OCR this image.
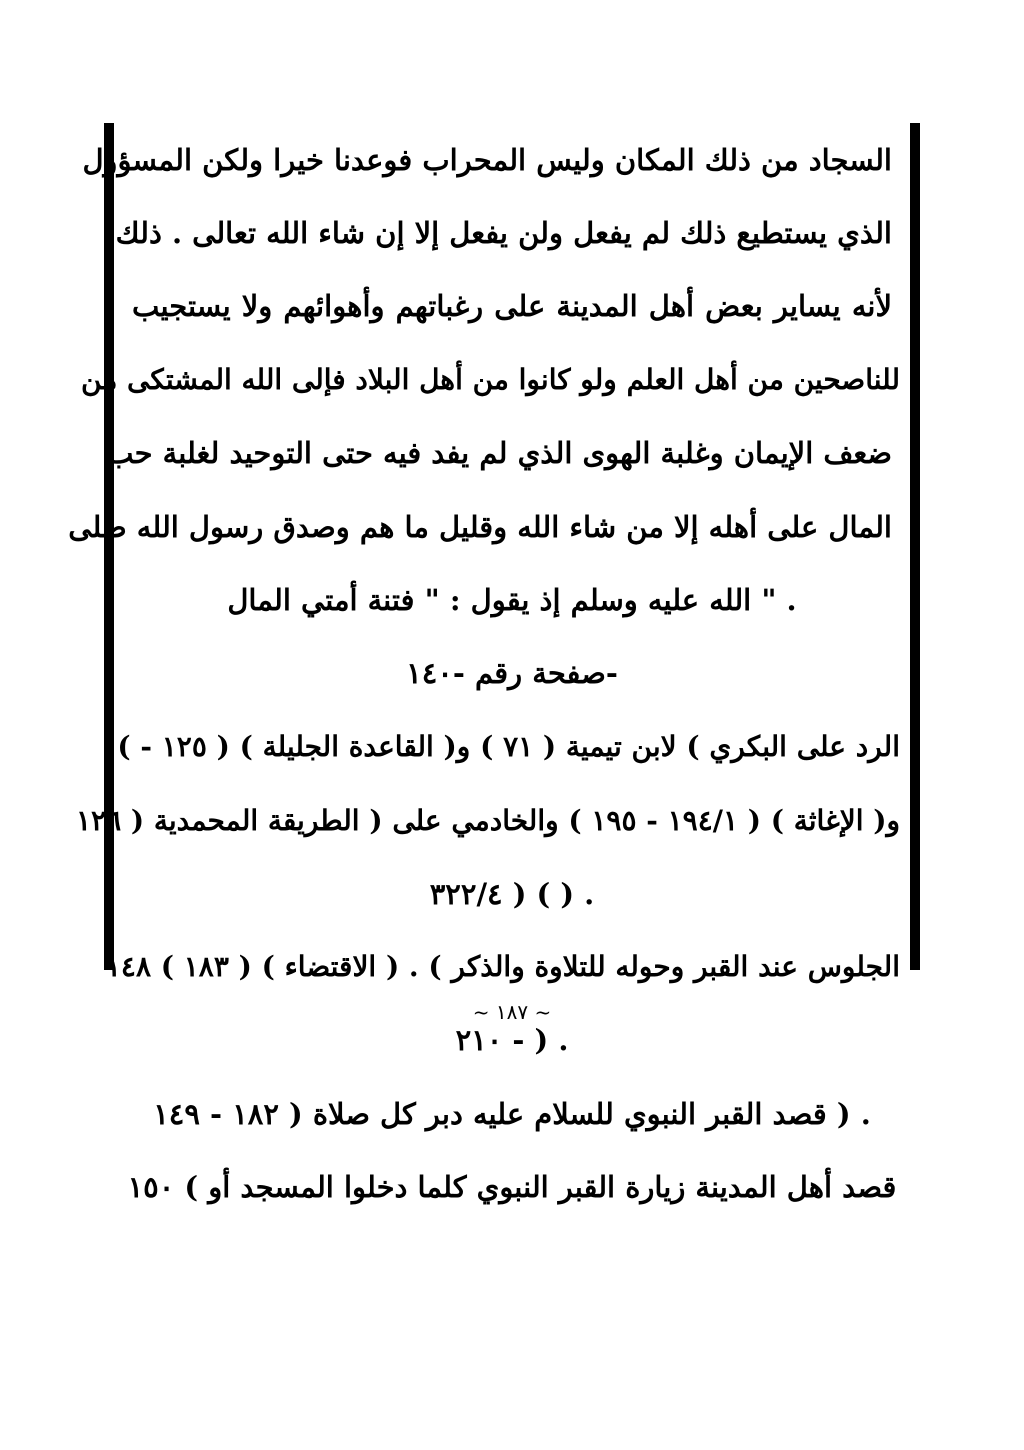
السجاد من ذلك المكان وليس المحراب فوعدنا خيرا ولكن المسؤول
الذي يستطيع ذلك لم يفعل ولن يفعل إلا إن شاء الله تعالى . ذلك
لأنه يساير بعض أهل المدينة على رغباتهم وأهوائهم ولا يستجيب
للناصحين من أهل العلم ولو كانوا من أهل البلاد فإلى الله المشتكى من
ضعف الإيمان وغلبة الهوى الذي لم يفد فيه حتى التوحيد لغلبة حب
المال على أهله إلا من شاء الله وقليل ما هم وصدق رسول الله صلى
. " الله عليه وسلم إذ يقول : " فتنة أمتي المال
-صفحة رقم -١٤٠
الرد على البكري ) لابن تيمية ( ٧١ ) و( القاعدة الجليلة ) ( ١٢٥ - )
و( الإغاثة ) ( ١٩٤/١ - ١٩٥ ) والخادمي على ( الطريقة المحمدية ( ١٢٦
. ( ) ( ٣٢٢/٤
الجلوس عند القبر وحوله للتلاوة والذكر ) . ( الاقتضاء ) ( ١٨٣ ) ١٤٨
. ( - ٢١٠
. ( قصد القبر النبوي للسلام عليه دبر كل صلاة ( ١٨٢ - ١٤٩
قصد أهل المدينة زيارة القبر النبوي كلما دخلوا المسجد أو ) ١٥٠
~ ١٨٧ ~
